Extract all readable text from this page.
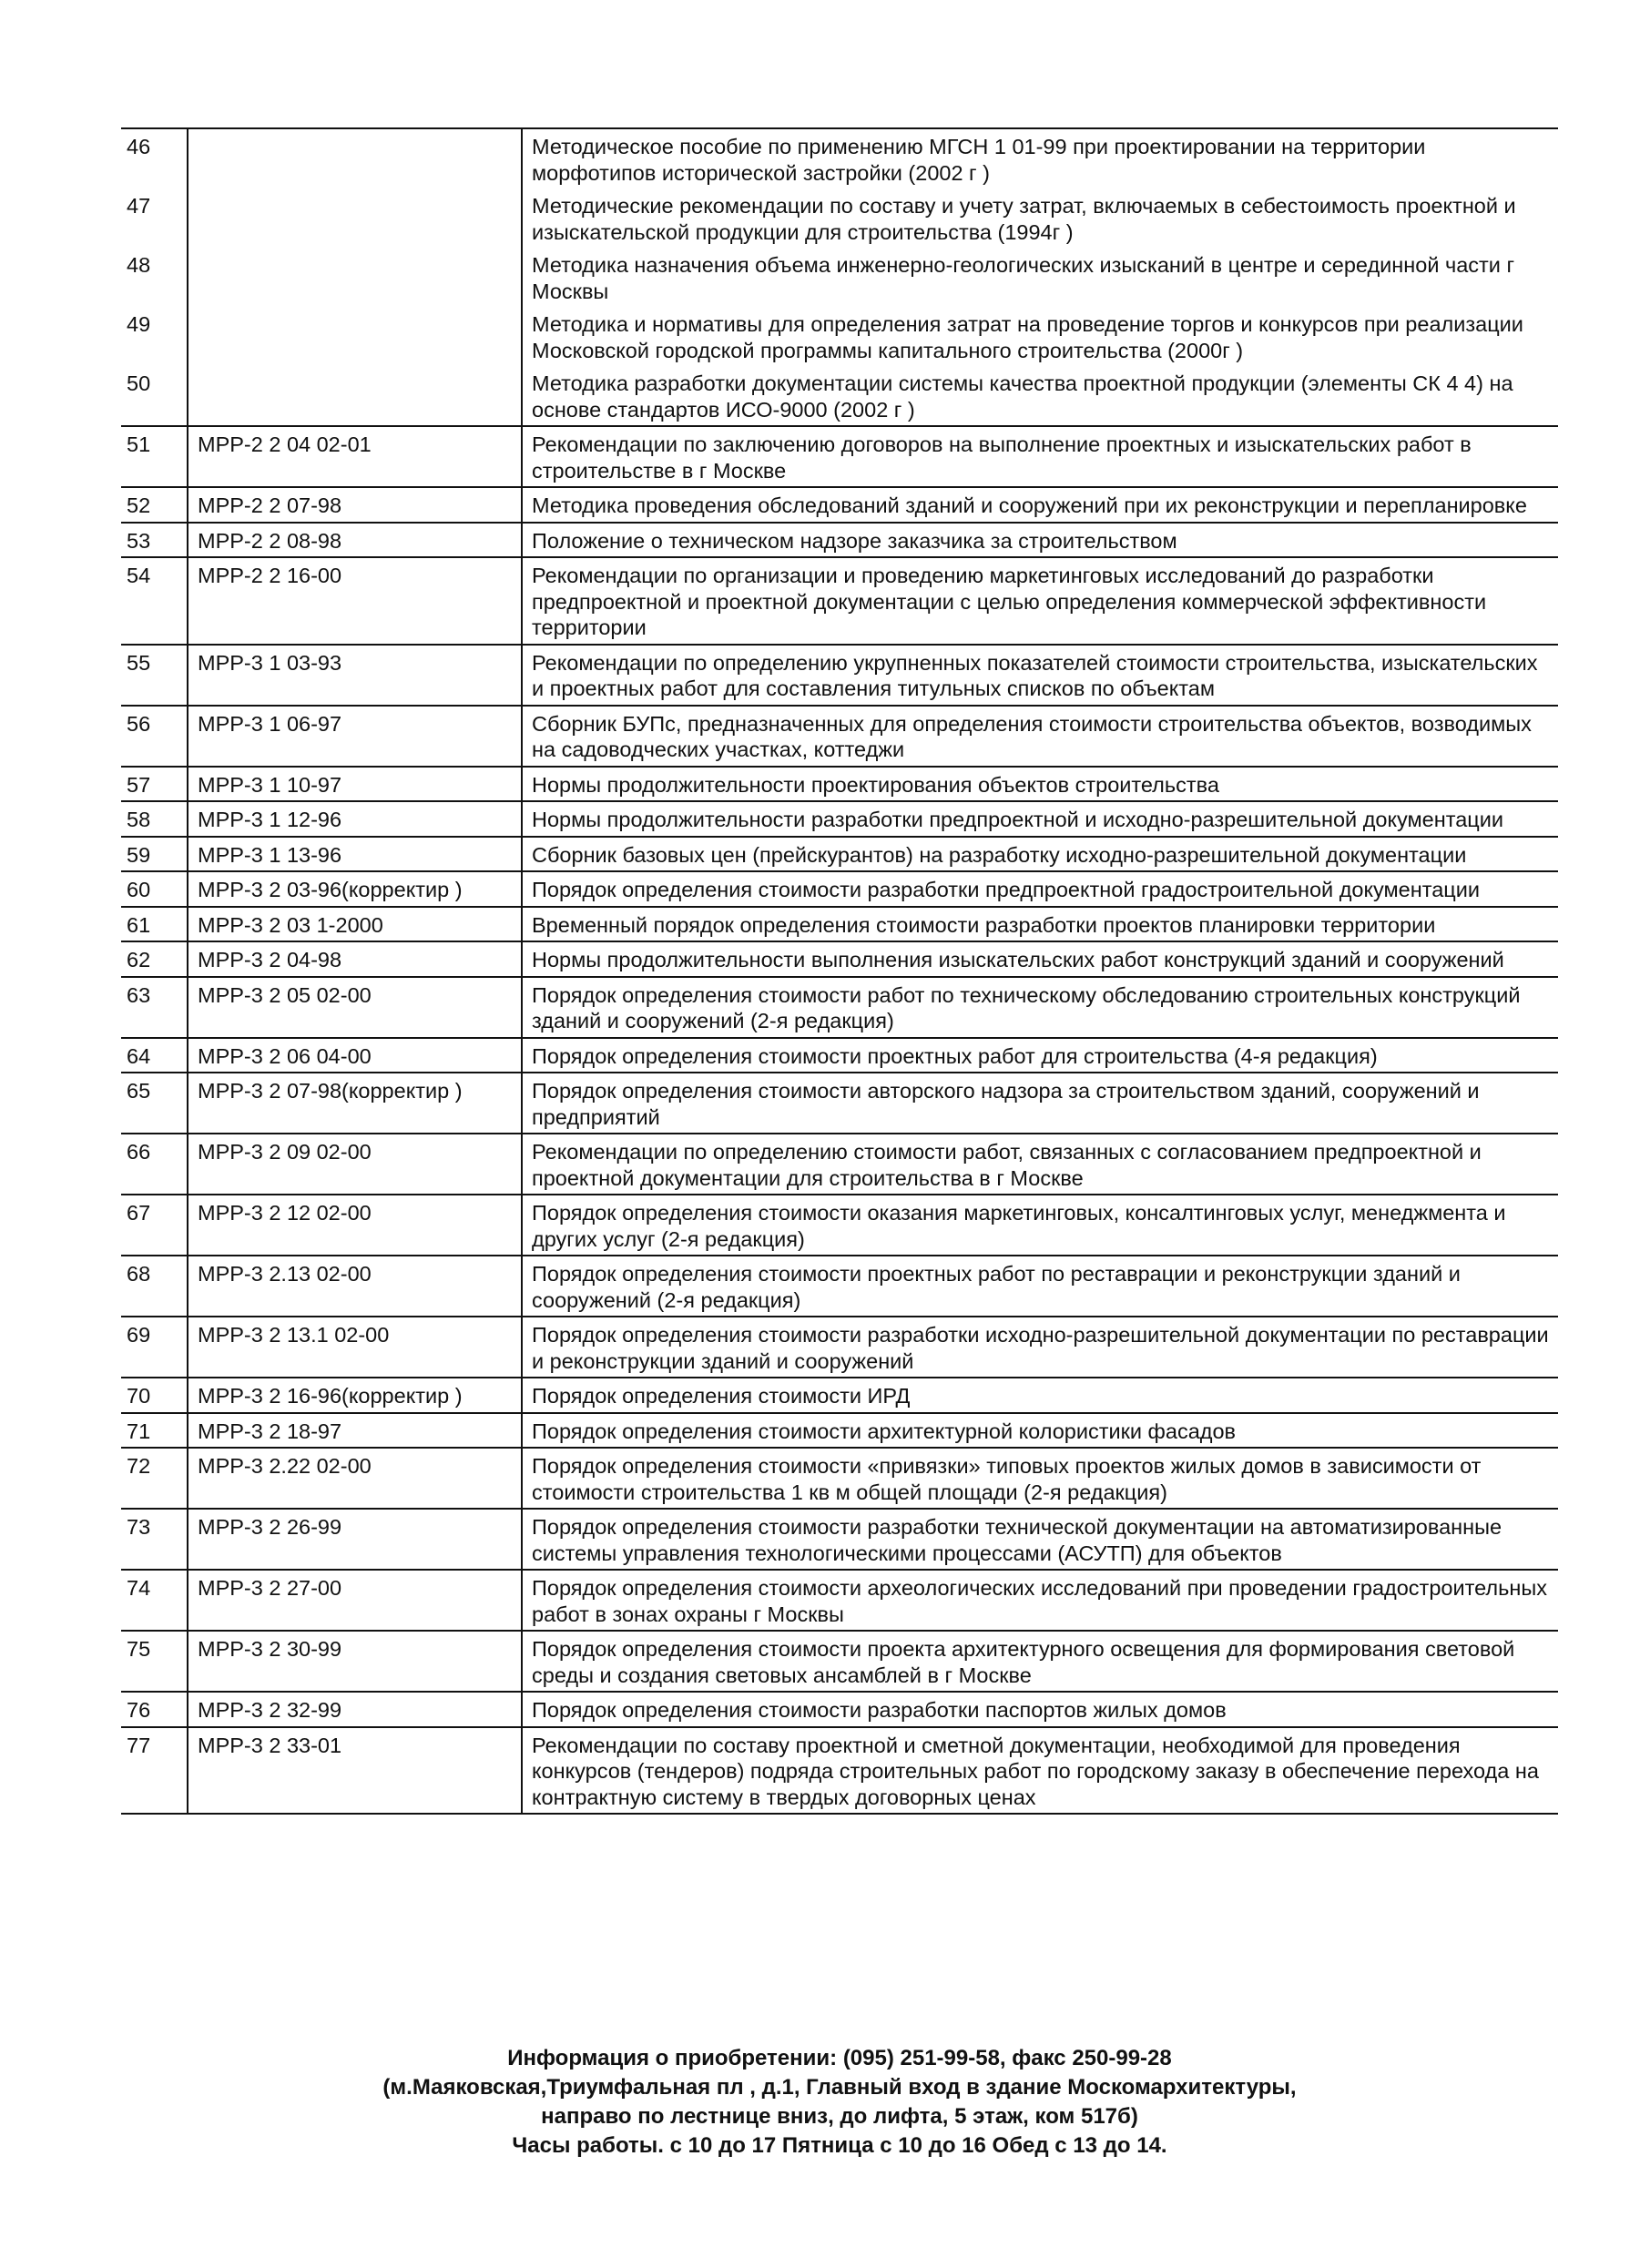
46		Методическое пособие по применению МГСН 1 01-99 при проектировании на территории морфотипов исторической застройки (2002 г )
47		Методические рекомендации по составу и учету затрат, включаемых в себестоимость проектной и изыскательской продукции для строительства (1994г )
48		Методика назначения объема инженерно-геологических изысканий в центре и серединной части г Москвы
49		Методика и нормативы для определения затрат на проведение торгов и конкурсов при реализации Московской городской программы капитального строительства (2000г )
50		Методика разработки документации системы качества проектной продукции (элементы СК 4 4) на основе стандартов ИСО-9000 (2002 г )
51	МРР-2 2 04 02-01	Рекомендации по заключению договоров на выполнение проектных и изыскательских работ в строительстве в г Москве
52	МРР-2 2 07-98	Методика проведения обследований зданий и сооружений при их реконструкции и перепланировке
53	МРР-2 2 08-98	Положение о техническом надзоре заказчика за строительством
54	МРР-2 2 16-00	Рекомендации по организации и проведению маркетинговых исследований до разработки предпроектной и проектной документации с целью определения коммерческой эффективности территории
55	МРР-3 1 03-93	Рекомендации по определению укрупненных показателей стоимости строительства, изыскательских и проектных работ для составления титульных списков по объектам
56	МРР-3 1 06-97	Сборник БУПс, предназначенных для определения стоимости строительства объектов, возводимых на садоводческих участках, коттеджи
57	МРР-3 1 10-97	Нормы продолжительности проектирования объектов строительства
58	МРР-3 1 12-96	Нормы продолжительности разработки предпроектной и исходно-разрешительной документации
59	МРР-3 1 13-96	Сборник базовых цен (прейскурантов) на разработку исходно-разрешительной документации
60	МРР-3 2 03-96(корректир )	Порядок определения стоимости разработки предпроектной градостроительной документации
61	МРР-3 2 03 1-2000	Временный порядок определения стоимости разработки проектов планировки территории
62	МРР-3 2 04-98	Нормы продолжительности выполнения изыскательских работ конструкций зданий и сооружений
63	МРР-3 2 05 02-00	Порядок определения стоимости работ по техническому обследованию строительных конструкций зданий и сооружений (2-я редакция)
64	МРР-3 2 06 04-00	Порядок определения стоимости проектных работ для строительства (4-я редакция)
65	МРР-3 2 07-98(корректир )	Порядок определения стоимости авторского надзора за строительством зданий, сооружений и предприятий
66	МРР-3 2 09 02-00	Рекомендации по определению стоимости работ, связанных с согласованием предпроектной и проектной документации для строительства в г Москве
67	МРР-3 2 12 02-00	Порядок определения стоимости оказания маркетинговых, консалтинговых услуг, менеджмента и других услуг (2-я редакция)
68	МРР-3 2.13 02-00	Порядок определения стоимости проектных работ по реставрации и реконструкции зданий и сооружений (2-я редакция)
69	МРР-3 2 13.1 02-00	Порядок определения стоимости разработки исходно-разрешительной документации по реставрации и реконструкции зданий и сооружений
70	МРР-3 2 16-96(корректир )	Порядок определения стоимости ИРД
71	МРР-3 2 18-97	Порядок определения стоимости архитектурной колористики фасадов
72	МРР-3 2.22 02-00	Порядок определения стоимости «привязки» типовых проектов жилых домов в зависимости от стоимости строительства 1 кв м общей площади (2-я редакция)
73	МРР-3 2 26-99	Порядок определения стоимости разработки технической документации на автоматизированные системы управления технологическими процессами (АСУТП) для объектов
74	МРР-3 2 27-00	Порядок определения стоимости археологических исследований при проведении градостроительных работ в зонах охраны г Москвы
75	МРР-3 2 30-99	Порядок определения стоимости проекта архитектурного освещения для формирования световой среды и создания световых ансамблей в г Москве
76	МРР-3 2 32-99	Порядок определения стоимости разработки паспортов жилых домов
77	МРР-3 2 33-01	Рекомендации по составу проектной и сметной документации, необходимой для проведения конкурсов (тендеров) подряда строительных работ по городскому заказу в обеспечение перехода на контрактную систему в твердых договорных ценах
Информация о приобретении: (095) 251-99-58, факс 250-99-28
(м.Маяковская,Триумфальная пл , д.1, Главный вход в здание Москомархитектуры,
направо по лестнице вниз, до лифта, 5 этаж, ком 517б)
Часы работы. с 10 до 17 Пятница с 10 до 16 Обед с 13 до 14.
